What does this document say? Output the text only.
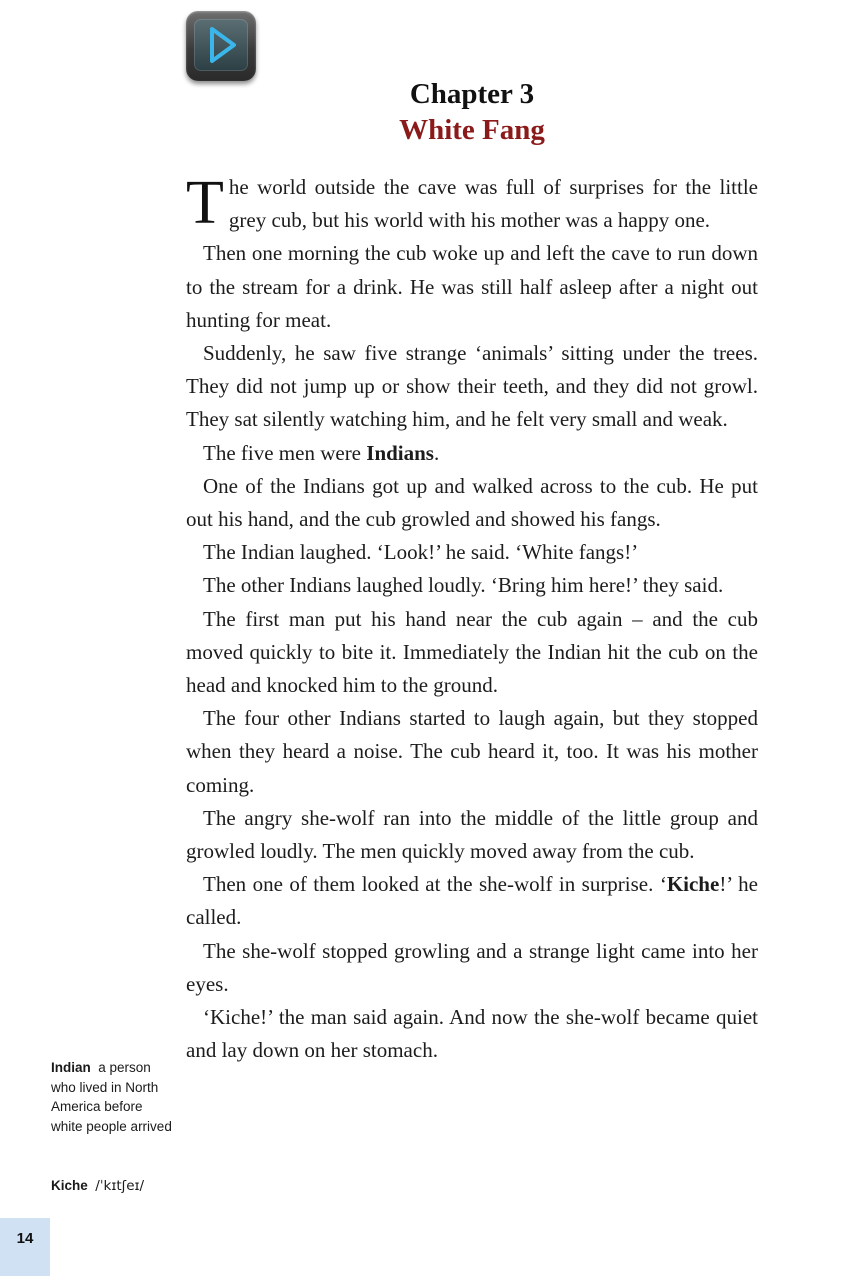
Chapter 3
White Fang

The world outside the cave was full of surprises for the little grey cub, but his world with his mother was a happy one.

Then one morning the cub woke up and left the cave to run down to the stream for a drink. He was still half asleep after a night out hunting for meat.

Suddenly, he saw five strange ‘animals’ sitting under the trees. They did not jump up or show their teeth, and they did not growl. They sat silently watching him, and he felt very small and weak.

The five men were Indians.

One of the Indians got up and walked across to the cub. He put out his hand, and the cub growled and showed his fangs.

The Indian laughed. ‘Look!’ he said. ‘White fangs!’

The other Indians laughed loudly. ‘Bring him here!’ they said.

The first man put his hand near the cub again – and the cub moved quickly to bite it. Immediately the Indian hit the cub on the head and knocked him to the ground.

The four other Indians started to laugh again, but they stopped when they heard a noise. The cub heard it, too. It was his mother coming.

The angry she-wolf ran into the middle of the little group and growled loudly. The men quickly moved away from the cub.

Then one of them looked at the she-wolf in surprise. ‘Kiche!’ he called.

The she-wolf stopped growling and a strange light came into her eyes.

‘Kiche!’ the man said again. And now the she-wolf became quiet and lay down on her stomach.

Indian a person who lived in North America before white people arrived
Kiche /ˈkɪtʃeɪ/
14
